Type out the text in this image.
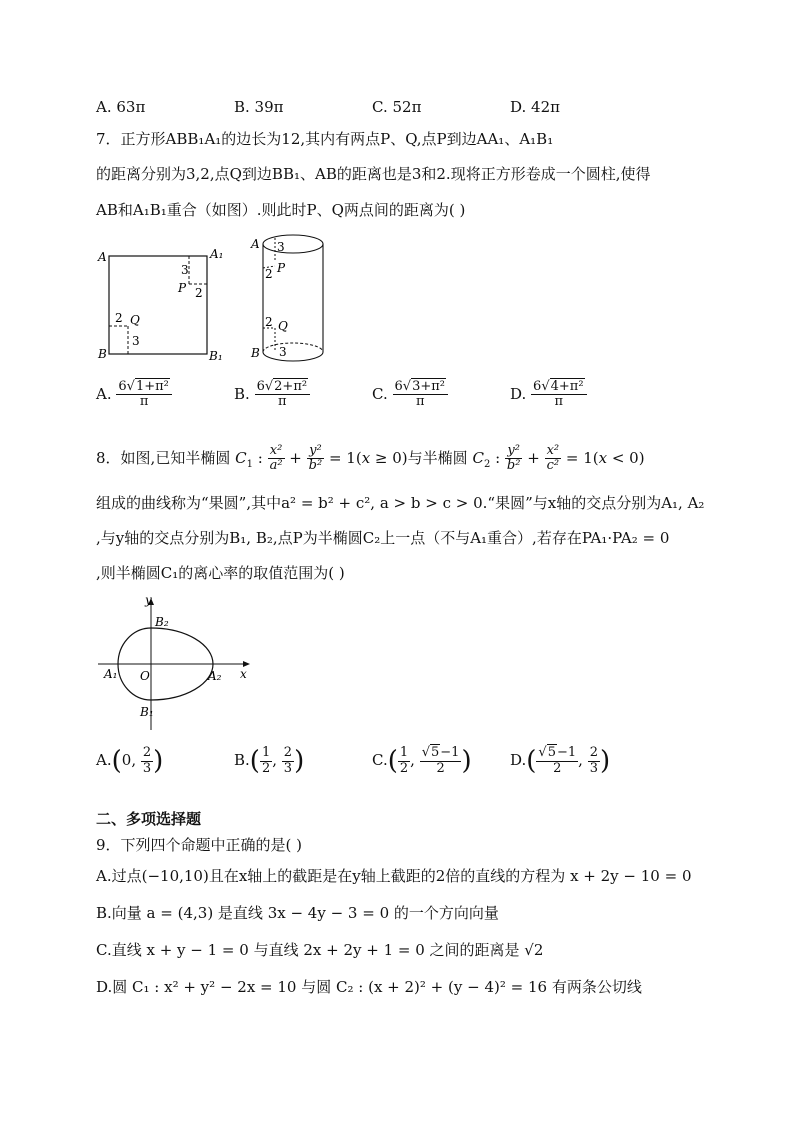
A. 63π	B. 39π	C. 52π	D. 42π
7．正方形ABB₁A₁的边长为12,其内有两点P、Q,点P到边AA₁、A₁B₁
的距离分别为3,2,点Q到边BB₁、AB的距离也是3和2.现将正方形卷成一个圆柱,使得
AB和A₁B₁重合（如图）.则此时P、Q两点间的距离为( )
A	A₁
B	B₁
3
P 2
2 Q
3
A
B
3
P
2
2 Q
3
A. $\frac{\text{6√1+π²}}{\pi}$	B. $\frac{\text{6√2+π²}}{\pi}$	C. $\frac{\text{6√3+π²}}{\pi}$	D. $\frac{\text{6√4+π²}}{\pi}$
8．如图,已知半椭圆 $C_1$ : $\frac{\text{x²}}{\text{a²}} + \frac{\text{y²}}{\text{b²}} = 1(x \ge 0)$与半椭圆 $C_2$ : $\frac{\text{y²}}{\text{b²}} + \frac{\text{x²}}{\text{c²}} = 1(x < 0)$
组成的曲线称为“果圆”,其中a² = b² + c², a > b > c > 0.“果圆”与x轴的交点分别为A₁, A₂
,与y轴的交点分别为B₁, B₂,点P为半椭圆C₂上一点（不与A₁重合）,若存在PA₁·PA₂ = 0
,则半椭圆C₁的离心率的取值范围为( )
y
x
O
A₁	A₂
B₂
B₁
A.(0, $\frac{2}{3}$ )	$B.( \frac{1}{2}$ , $\frac{2}{3}$ )	$C.( \frac{1}{2}$ , $\frac{√5-1}{2}$ )	$D.( \frac{√5-1}{2}$ , $\frac{2}{3}$ )
二、多项选择题
9．下列四个命题中正确的是( )
A.过点(−10,10)且在x轴上的截距是在y轴上截距的2倍的直线的方程为 x + 2y − 10 = 0
B.向量 a = (4,3) 是直线 3x − 4y − 3 = 0 的一个方向向量
C.直线 x + y − 1 = 0 与直线 2x + 2y + 1 = 0 之间的距离是 √2
D.圆 C₁ : x² + y² − 2x = 10 与圆 C₂ : (x + 2)² + (y − 4)² = 16 有两条公切线
